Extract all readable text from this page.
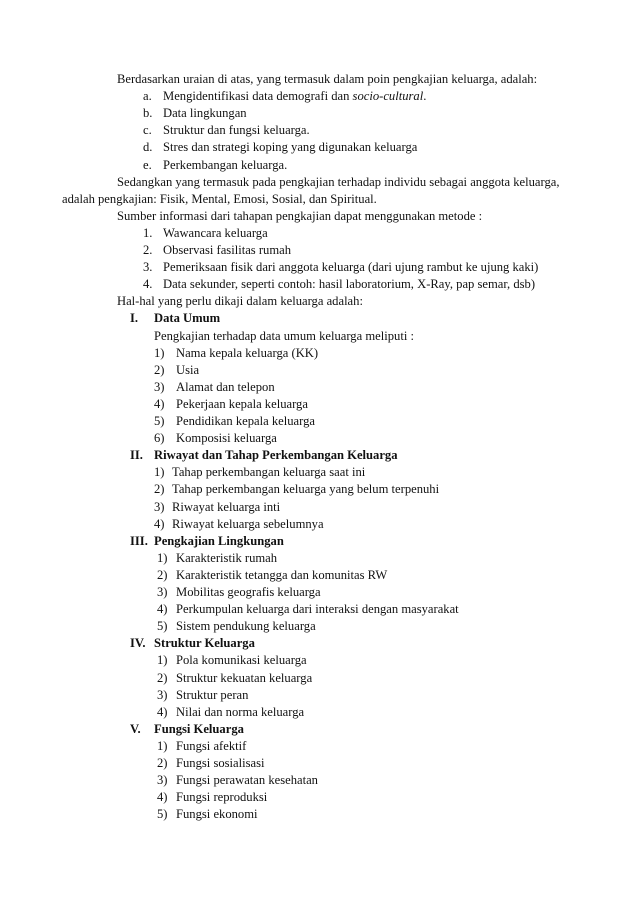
Berdasarkan uraian di atas, yang termasuk dalam poin pengkajian keluarga, adalah:
a. Mengidentifikasi data demografi dan socio-cultural.
b. Data lingkungan
c. Struktur dan fungsi keluarga.
d. Stres dan strategi koping yang digunakan keluarga
e. Perkembangan keluarga.
Sedangkan yang termasuk pada pengkajian terhadap individu sebagai anggota keluarga,
adalah pengkajian: Fisik, Mental, Emosi, Sosial, dan Spiritual.
Sumber informasi dari tahapan pengkajian dapat menggunakan metode :
1. Wawancara keluarga
2. Observasi fasilitas rumah
3. Pemeriksaan fisik dari anggota keluarga (dari ujung rambut ke ujung kaki)
4. Data sekunder, seperti contoh: hasil laboratorium, X-Ray, pap semar, dsb)
Hal-hal yang perlu dikaji dalam keluarga adalah:
I. Data Umum
Pengkajian terhadap data umum keluarga meliputi :
1) Nama kepala keluarga (KK)
2) Usia
3) Alamat dan telepon
4) Pekerjaan kepala keluarga
5) Pendidikan kepala keluarga
6) Komposisi keluarga
II. Riwayat dan Tahap Perkembangan Keluarga
1) Tahap perkembangan keluarga saat ini
2) Tahap perkembangan keluarga yang belum terpenuhi
3) Riwayat keluarga inti
4) Riwayat keluarga sebelumnya
III. Pengkajian Lingkungan
1) Karakteristik rumah
2) Karakteristik tetangga dan komunitas RW
3) Mobilitas geografis keluarga
4) Perkumpulan keluarga dari interaksi dengan masyarakat
5) Sistem pendukung keluarga
IV. Struktur Keluarga
1) Pola komunikasi keluarga
2) Struktur kekuatan keluarga
3) Struktur peran
4) Nilai dan norma keluarga
V. Fungsi Keluarga
1) Fungsi afektif
2) Fungsi sosialisasi
3) Fungsi perawatan kesehatan
4) Fungsi reproduksi
5) Fungsi ekonomi
